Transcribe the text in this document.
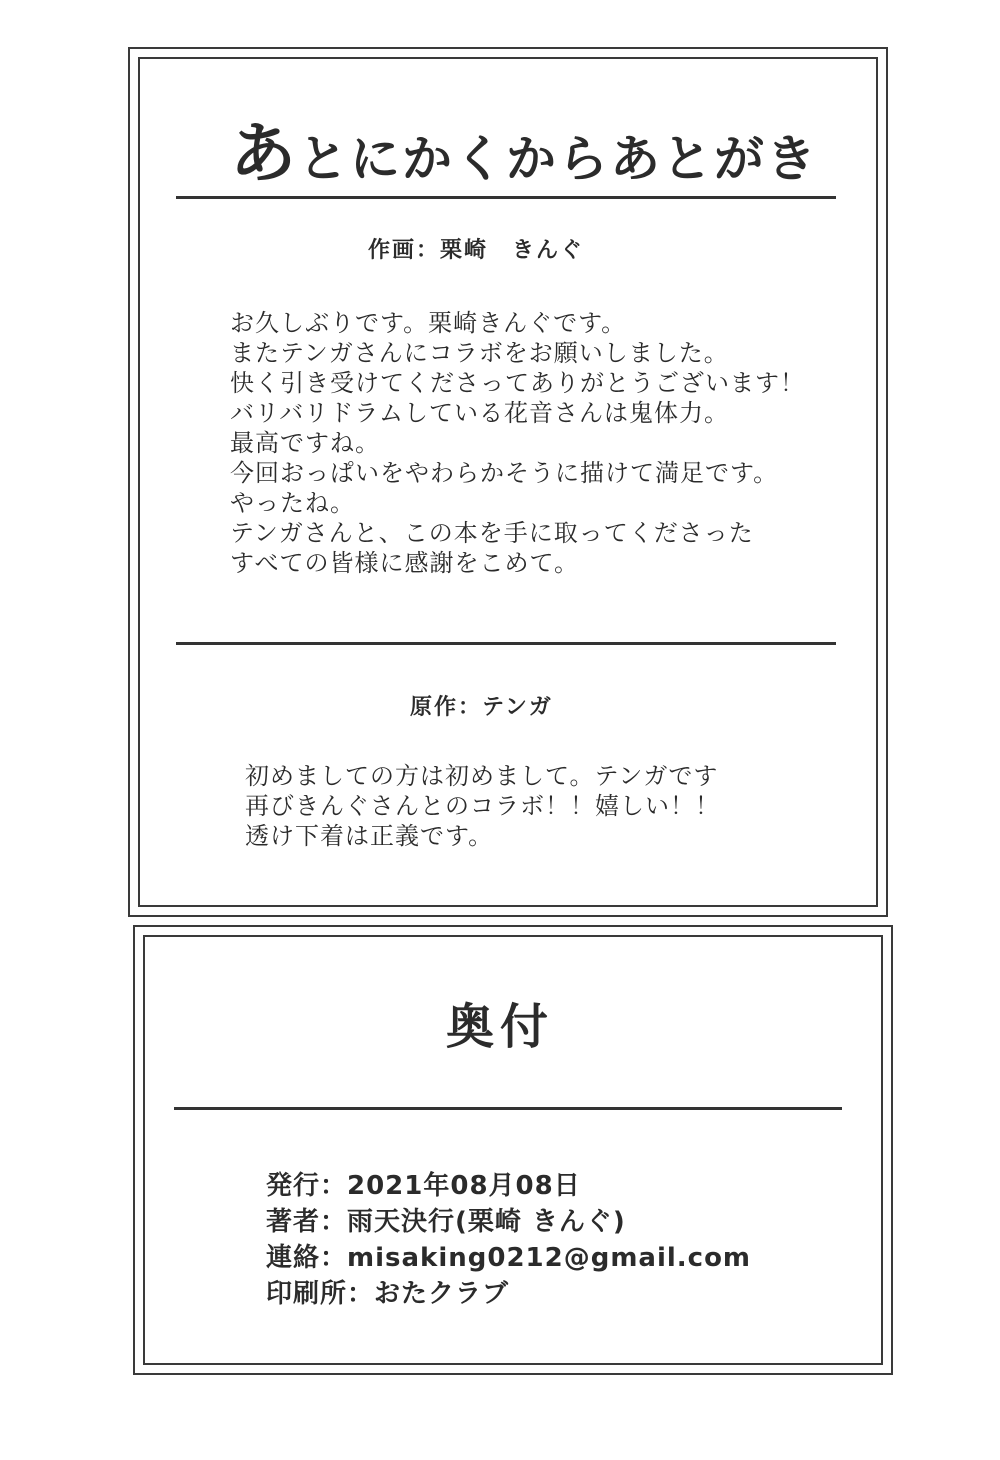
あとにかくからあとがき
作画：栗崎　きんぐ
お久しぶりです。栗崎きんぐです。
またテンガさんにコラボをお願いしました。
快く引き受けてくださってありがとうございます！
バリバリドラムしている花音さんは鬼体力。
最高ですね。
今回おっぱいをやわらかそうに描けて満足です。
やったね。
テンガさんと、この本を手に取ってくださった
すべての皆様に感謝をこめて。
原作：テンガ
初めましての方は初めまして。テンガです
再びきんぐさんとのコラボ！！嬉しい！！
透け下着は正義です。
奥付
発行：2021年08月08日
著者：雨天決行(栗崎 きんぐ)
連絡：misaking0212@gmail.com
印刷所：おたクラブ
